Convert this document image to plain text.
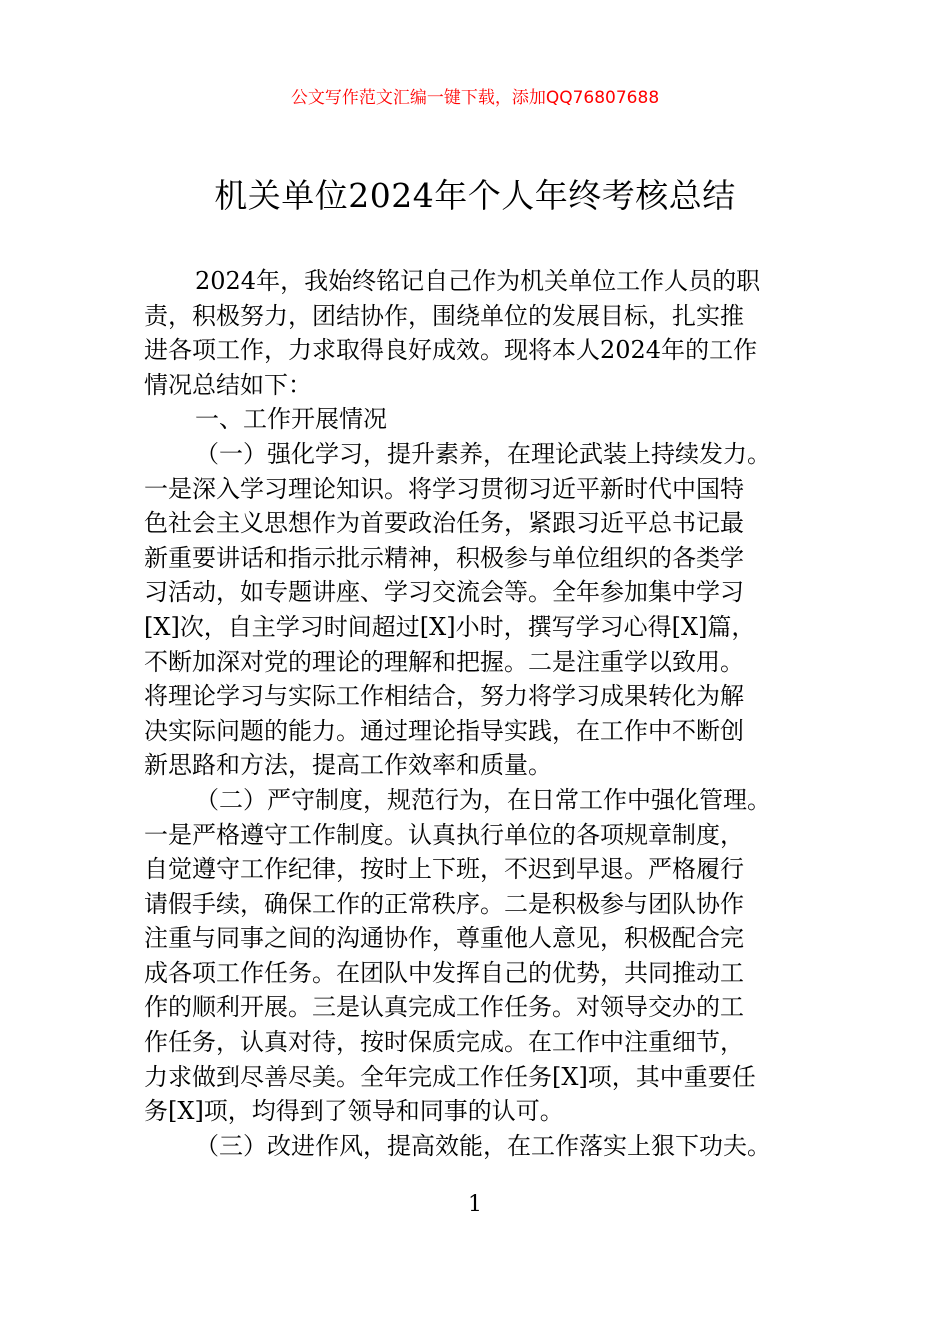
公文写作范文汇编一键下载，添加QQ76807688
机关单位2024年个人年终考核总结
2024年，我始终铭记自己作为机关单位工作人员的职
责，积极努力，团结协作，围绕单位的发展目标，扎实推
进各项工作，力求取得良好成效。现将本人2024年的工作
情况总结如下：
一、工作开展情况
（一）强化学习，提升素养，在理论武装上持续发力。
一是深入学习理论知识。将学习贯彻习近平新时代中国特
色社会主义思想作为首要政治任务，紧跟习近平总书记最
新重要讲话和指示批示精神，积极参与单位组织的各类学
习活动，如专题讲座、学习交流会等。全年参加集中学习
[X]次，自主学习时间超过[X]小时，撰写学习心得[X]篇，
不断加深对党的理论的理解和把握。二是注重学以致用。
将理论学习与实际工作相结合，努力将学习成果转化为解
决实际问题的能力。通过理论指导实践，在工作中不断创
新思路和方法，提高工作效率和质量。
（二）严守制度，规范行为，在日常工作中强化管理。
一是严格遵守工作制度。认真执行单位的各项规章制度，
自觉遵守工作纪律，按时上下班，不迟到早退。严格履行
请假手续，确保工作的正常秩序。二是积极参与团队协作
注重与同事之间的沟通协作，尊重他人意见，积极配合完
成各项工作任务。在团队中发挥自己的优势，共同推动工
作的顺利开展。三是认真完成工作任务。对领导交办的工
作任务，认真对待，按时保质完成。在工作中注重细节，
力求做到尽善尽美。全年完成工作任务[X]项，其中重要任
务[X]项，均得到了领导和同事的认可。
（三）改进作风，提高效能，在工作落实上狠下功夫。
1
